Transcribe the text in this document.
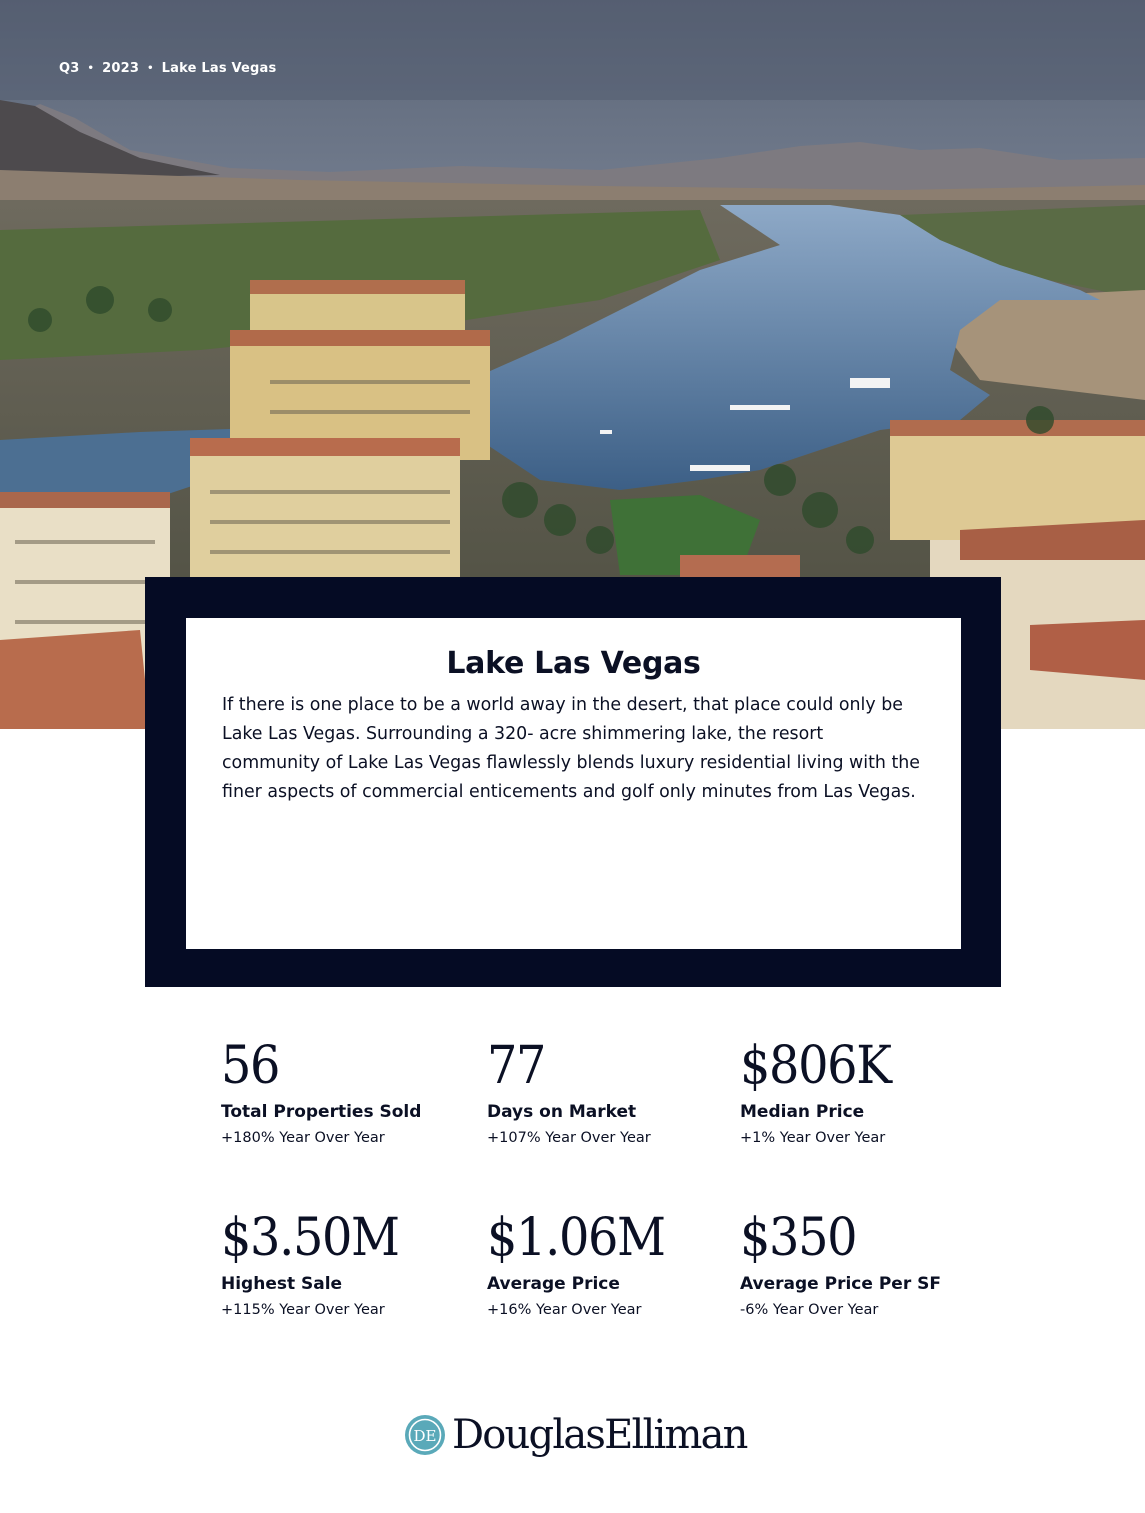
Q3 • 2023 • Lake Las Vegas
Lake Las Vegas

If there is one place to be a world away in the desert, that place could only be Lake Las Vegas. Surrounding a 320- acre shimmering lake, the resort community of Lake Las Vegas flawlessly blends luxury residential living with the finer aspects of commercial enticements and golf only minutes from Las Vegas.

56
Total Properties Sold
+180% Year Over Year
77
Days on Market
+107% Year Over Year
$806K
Median Price
+1% Year Over Year
$3.50M
Highest Sale
+115% Year Over Year
$1.06M
Average Price
+16% Year Over Year
$350
Average Price Per SF
-6% Year Over Year
DE DouglasElliman
